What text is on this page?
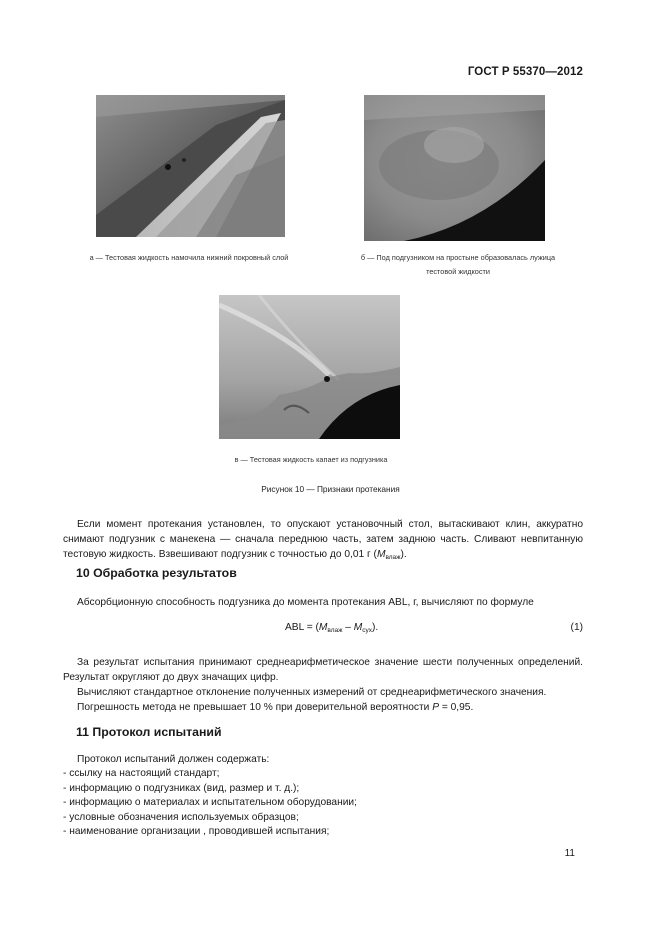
ГОСТ Р 55370—2012
а — Тестовая жидкость намочила нижний покровный слой	б — Под подгузником на простыне образовалась лужица
тестовой жидкости
в — Тестовая жидкость капает из подгузника
Рисунок 10 — Признаки протекания

Если момент протекания установлен, то опускают установочный стол, вытаскивают клин, аккуратно снимают подгузник с манекена — сначала переднюю часть, затем заднюю часть. Сливают невпитанную тестовую жидкость. Взвешивают подгузник с точностью до 0,01 г $(M_{влаж})$.

10 Обработка результатов

Абсорбционную способность подгузника до момента протекания ABL, г, вычисляют по формуле

ABL = $(M_{влаж} - M_{сух})$.	(1)

За результат испытания принимают среднеарифметическое значение шести полученных определений. Результат округляют до двух значащих цифр.

Вычисляют стандартное отклонение полученных измерений от среднеарифметического значения.

Погрешность метода не превышает 10 % при доверительной вероятности P = 0,95.

11 Протокол испытаний
Протокол испытаний должен содержать:
- ссылку на настоящий стандарт;
- информацию о подгузниках (вид, размер и т. д.);
- информацию о материалах и испытательном оборудовании;
- условные обозначения используемых образцов;
- наименование организации , проводившей испытания;
11
